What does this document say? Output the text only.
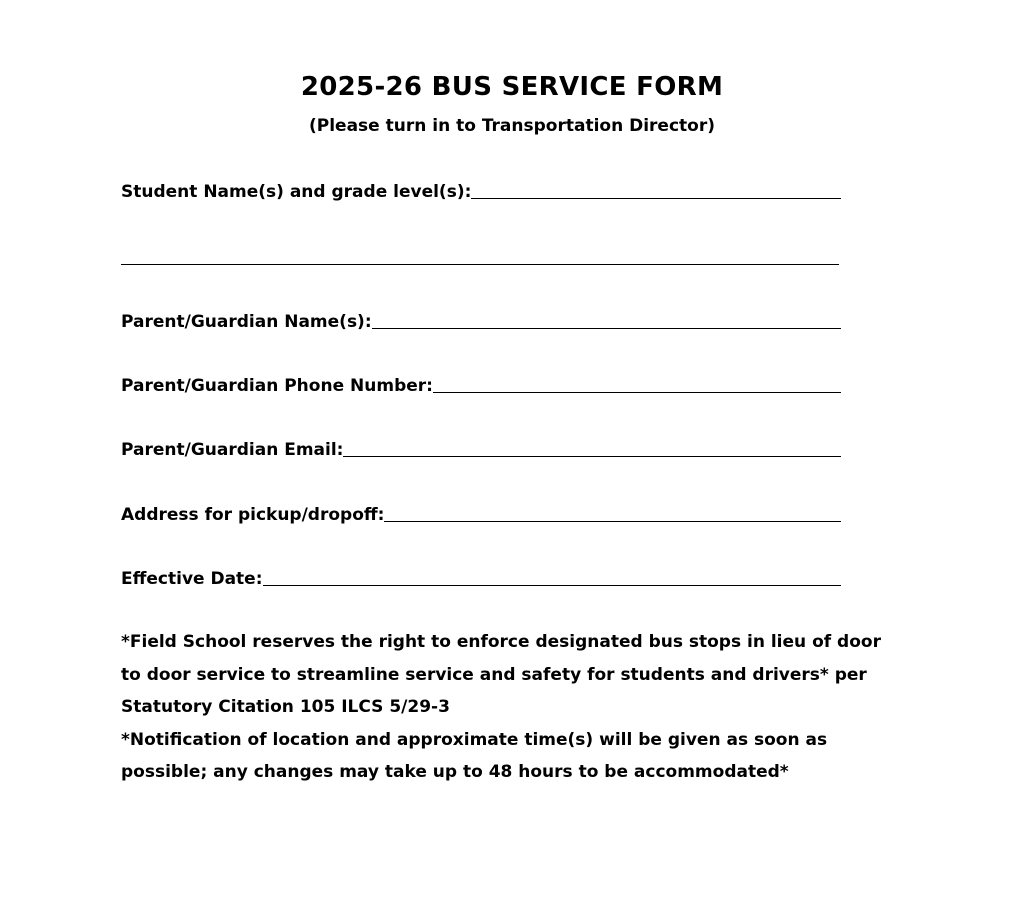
2025-26 BUS SERVICE FORM
(Please turn in to Transportation Director)
Student Name(s) and grade level(s):
Parent/Guardian Name(s):
Parent/Guardian Phone Number:
Parent/Guardian Email:
Address for pickup/dropoff:
Effective Date:

*Field School reserves the right to enforce designated bus stops in lieu of door to door service to streamline service and safety for students and drivers* per Statutory Citation 105 ILCS 5/29-3

*Notification of location and approximate time(s) will be given as soon as possible; any changes may take up to 48 hours to be accommodated*
